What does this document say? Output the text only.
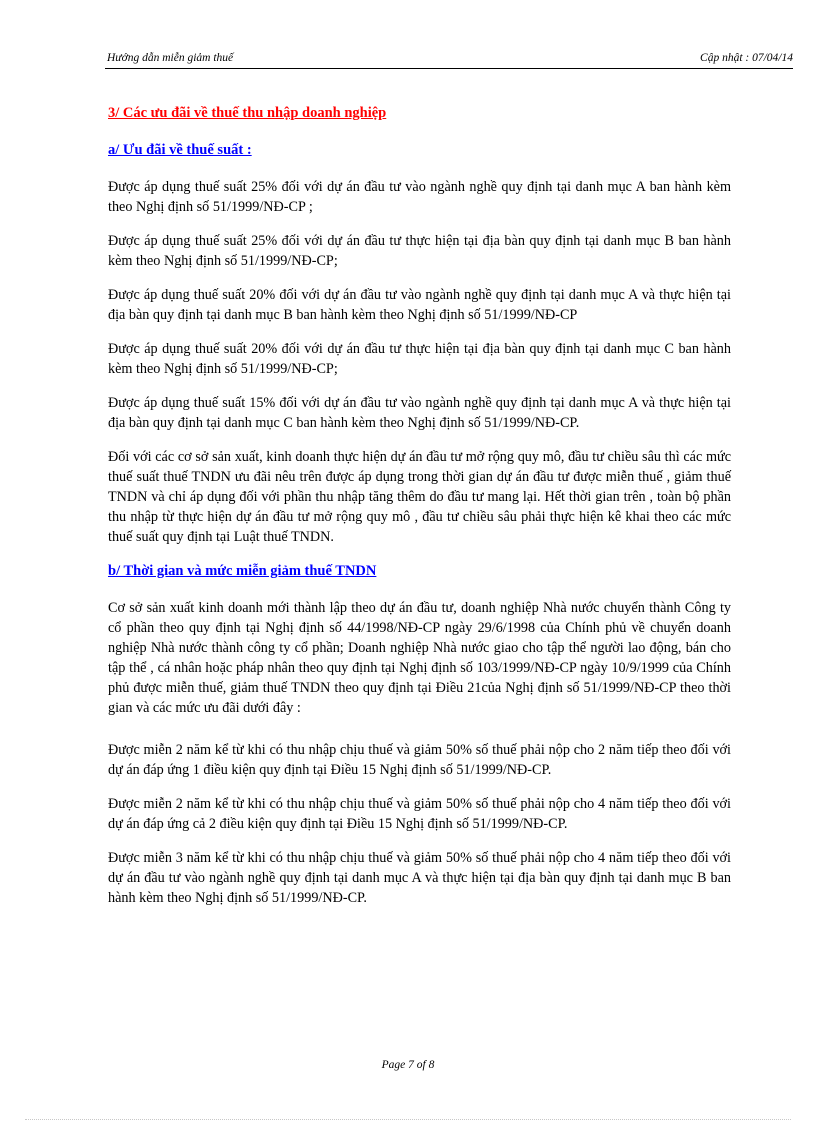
Hướng dẫn miễn giảm thuế	Cập nhật : 07/04/14
3/ Các ưu đãi về thuế thu nhập doanh nghiệp
a/ Ưu đãi về thuế suất :

Được áp dụng thuế suất 25% đối với dự án đầu tư vào ngành nghề quy định tại danh mục A ban hành kèm theo Nghị định số 51/1999/NĐ-CP ;

Được áp dụng thuế suất 25% đối với dự án đầu tư thực hiện tại địa bàn quy định tại danh mục B ban hành kèm theo Nghị định số 51/1999/NĐ-CP;

Được áp dụng thuế suất 20% đối với dự án đầu tư vào ngành nghề quy định tại danh mục A và thực hiện tại địa bàn quy định tại danh mục B ban hành kèm theo Nghị định số 51/1999/NĐ-CP

Được áp dụng thuế suất 20% đối với dự án đầu tư thực hiện tại địa bàn quy định tại danh mục C ban hành kèm theo Nghị định số 51/1999/NĐ-CP;

Được áp dụng thuế suất 15% đối với dự án đầu tư vào ngành nghề quy định tại danh mục A và thực hiện tại địa bàn quy định tại danh mục C ban hành kèm theo Nghị định số 51/1999/NĐ-CP.

Đối với các cơ sở sản xuất, kinh doanh thực hiện dự án đầu tư mở rộng quy mô, đầu tư chiều sâu thì các mức thuế suất thuế TNDN ưu đãi nêu trên được áp dụng trong thời gian dự án đầu tư được miễn thuế , giảm thuế TNDN và chỉ áp dụng đối với phần thu nhập tăng thêm do đầu tư mang lại. Hết thời gian trên , toàn bộ phần thu nhập từ thực hiện dự án đầu tư mở rộng quy mô , đầu tư chiều sâu phải thực hiện kê khai theo các mức thuế suất quy định tại Luật thuế TNDN.

b/ Thời gian và mức miễn giảm thuế TNDN

Cơ sở sản xuất kinh doanh mới thành lập theo dự án đầu tư, doanh nghiệp Nhà nước chuyển thành Công ty cổ phần theo quy định tại Nghị định số 44/1998/NĐ-CP ngày 29/6/1998 của Chính phủ về chuyển doanh nghiệp Nhà nước thành công ty cổ phần; Doanh nghiệp Nhà nước giao cho tập thể người lao động, bán cho tập thể , cá nhân hoặc pháp nhân theo quy định tại Nghị định số 103/1999/NĐ-CP ngày 10/9/1999 của Chính phủ được miễn thuế, giảm thuế TNDN theo quy định tại Điều 21của Nghị định số 51/1999/NĐ-CP theo thời gian và các mức ưu đãi dưới đây :

Được miễn 2 năm kể từ khi có thu nhập chịu thuế và giảm 50% số thuế phải nộp cho 2 năm tiếp theo đối với dự án đáp ứng 1 điều kiện quy định tại Điều 15 Nghị định số 51/1999/NĐ-CP.

Được miễn 2 năm kể từ khi có thu nhập chịu thuế và giảm 50% số thuế phải nộp cho 4 năm tiếp theo đối với dự án đáp ứng cả 2 điều kiện quy định tại Điều 15 Nghị định số 51/1999/NĐ-CP.

Được miễn 3 năm kể từ khi có thu nhập chịu thuế và giảm 50% số thuế phải nộp cho 4 năm tiếp theo đối với dự án đầu tư vào ngành nghề quy định tại danh mục A và thực hiện tại địa bàn quy định tại danh mục B ban hành kèm theo Nghị định số 51/1999/NĐ-CP.

Page 7 of 8
